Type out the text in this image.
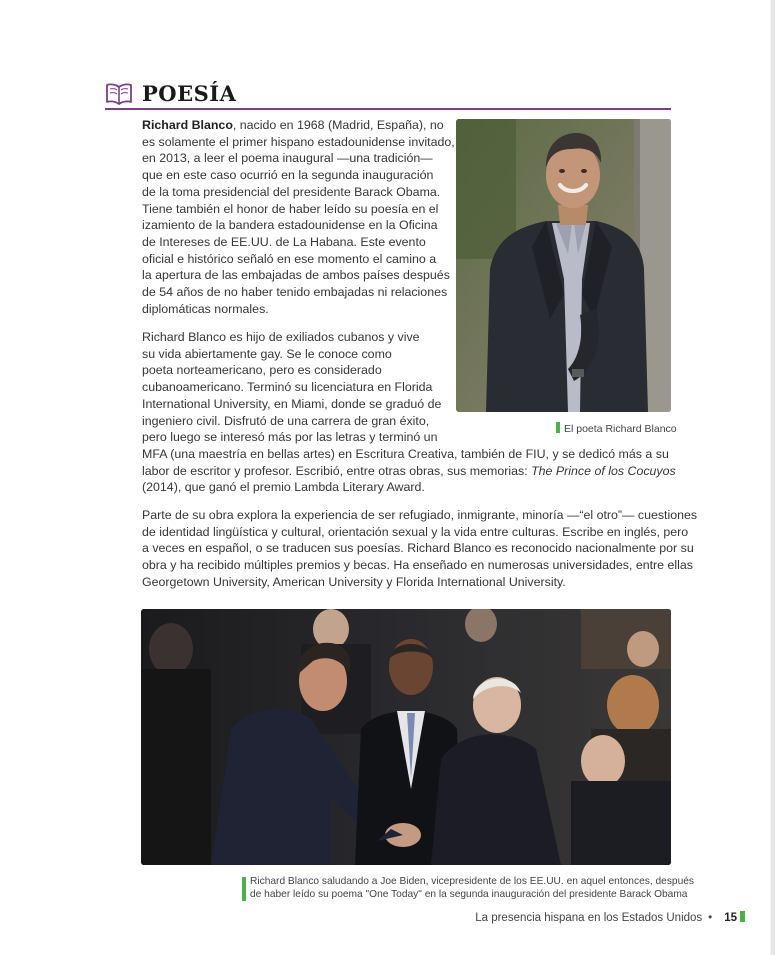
POESÍA

Richard Blanco, nacido en 1968 (Madrid, España), no
es solamente el primer hispano estadounidense invitado,
en 2013, a leer el poema inaugural —una tradición—
que en este caso ocurrió en la segunda inauguración
de la toma presidencial del presidente Barack Obama.
Tiene también el honor de haber leído su poesía en el
izamiento de la bandera estadounidense en la Oficina
de Intereses de EE.UU. de La Habana. Este evento
oficial e histórico señaló en ese momento el camino a
la apertura de las embajadas de ambos países después
de 54 años de no haber tenido embajadas ni relaciones
diplomáticas normales.

Richard Blanco es hijo de exiliados cubanos y vive
su vida abiertamente gay. Se le conoce como
poeta norteamericano, pero es considerado
cubanoamericano. Terminó su licenciatura en Florida
International University, en Miami, donde se graduó de
ingeniero civil. Disfrutó de una carrera de gran éxito,
pero luego se interesó más por las letras y terminó un

MFA (una maestría en bellas artes) en Escritura Creativa, también de FIU, y se dedicó más a su
labor de escritor y profesor. Escribió, entre otras obras, sus memorias: The Prince of los Cocuyos
(2014), que ganó el premio Lambda Literary Award.

Parte de su obra explora la experiencia de ser refugiado, inmigrante, minoría —“el otro”— cuestiones
de identidad lingüística y cultural, orientación sexual y la vida entre culturas. Escribe en inglés, pero
a veces en español, o se traducen sus poesías. Richard Blanco es reconocido nacionalmente por su
obra y ha recibido múltiples premios y becas. Ha enseñado en numerosas universidades, entre ellas
Georgetown University, American University y Florida International University.

El poeta Richard Blanco
Richard Blanco saludando a Joe Biden, vicepresidente de los EE.UU. en aquel entonces, después
de haber leído su poema "One Today" en la segunda inauguración del presidente Barack Obama
La presencia hispana en los Estados Unidos • 15
